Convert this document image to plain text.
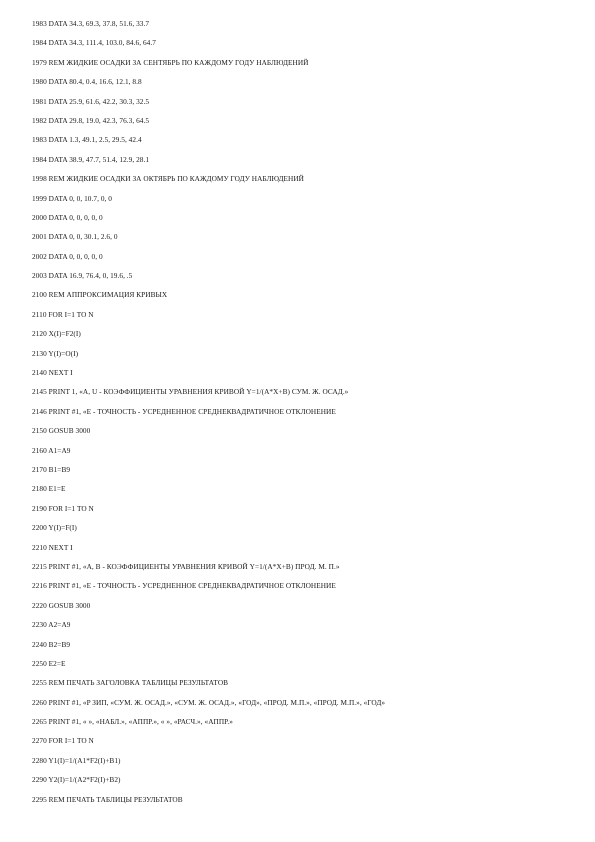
1983 DATA 34.3, 69.3, 37.8, 51.6, 33.7
1984 DATA 34.3, 111.4, 103.0, 84.6, 64.7
1979 REM ЖИДКИЕ ОСАДКИ ЗА СЕНТЯБРЬ ПО КАЖДОМУ ГОДУ НАБЛЮДЕНИЙ
1980 DATA 80.4, 0.4, 16.6, 12.1, 8.8
1981 DATA 25.9, 61.6, 42.2, 30.3, 32.5
1982 DATA 29.8, 19.0, 42.3, 76.3, 64.5
1983 DATA 1.3, 49.1, 2.5, 29.5, 42.4
1984 DATA 38.9, 47.7, 51.4, 12.9, 28.1
1998 REM ЖИДКИЕ ОСАДКИ ЗА ОКТЯБРЬ ПО КАЖДОМУ ГОДУ НАБЛЮДЕНИЙ
1999 DATA 0, 0, 10.7, 0, 0
2000 DATA 0, 0, 0, 0, 0
2001 DATA 0, 0, 30.1, 2.6, 0
2002 DATA 0, 0, 0, 0, 0
2003 DATA 16.9, 76.4, 0, 19.6, .5
2100 REM АППРОКСИМАЦИЯ КРИВЫХ
2110 FOR I=1 TO N
2120 X(I)=F2(I)
2130 Y(I)=O(I)
2140 NEXT I
2145 PRINT 1, «A, U - КОЭФФИЦИЕНТЫ УРАВНЕНИЯ КРИВОЙ Y=1/(A*X+B) СУМ. Ж. ОСАД.»
2146 PRINT #1, «E - ТОЧНОСТЬ - УСРЕДНЕННОЕ СРЕДНЕКВАДРАТИЧНОЕ ОТКЛОНЕНИЕ
2150 GOSUB 3000
2160 A1=A9
2170 B1=B9
2180 E1=E
2190 FOR I=1 TO N
2200 Y(I)=F(I)
2210 NEXT I
2215 PRINT #1, «A, B - КОЭФФИЦИЕНТЫ УРАВНЕНИЯ КРИВОЙ Y=1/(A*X+B) ПРОД. М. П.»
2216 PRINT #1, «E - ТОЧНОСТЬ - УСРЕДНЕННОЕ СРЕДНЕКВАДРАТИЧНОЕ ОТКЛОНЕНИЕ
2220 GOSUB 3000
2230 A2=A9
2240 B2=B9
2250 E2=E
2255 REM ПЕЧАТЬ ЗАГОЛОВКА ТАБЛИЦЫ РЕЗУЛЬТАТОВ
2260 PRINT #1, «P ЗИП, «СУМ. Ж. ОСАД.», «СУМ. Ж. ОСАД.», «ГОД», «ПРОД. М.П.», «ПРОД. М.П.», «ГОД»
2265 PRINT #1, « », «НАБЛ.», «АППР.», « », «РАСЧ.», «АППР.»
2270 FOR I=1 TO N
2280 Y1(I)=1/(A1*F2(I)+B1)
2290 Y2(I)=1/(A2*F2(I)+B2)
2295 REM ПЕЧАТЬ ТАБЛИЦЫ РЕЗУЛЬТАТОВ
